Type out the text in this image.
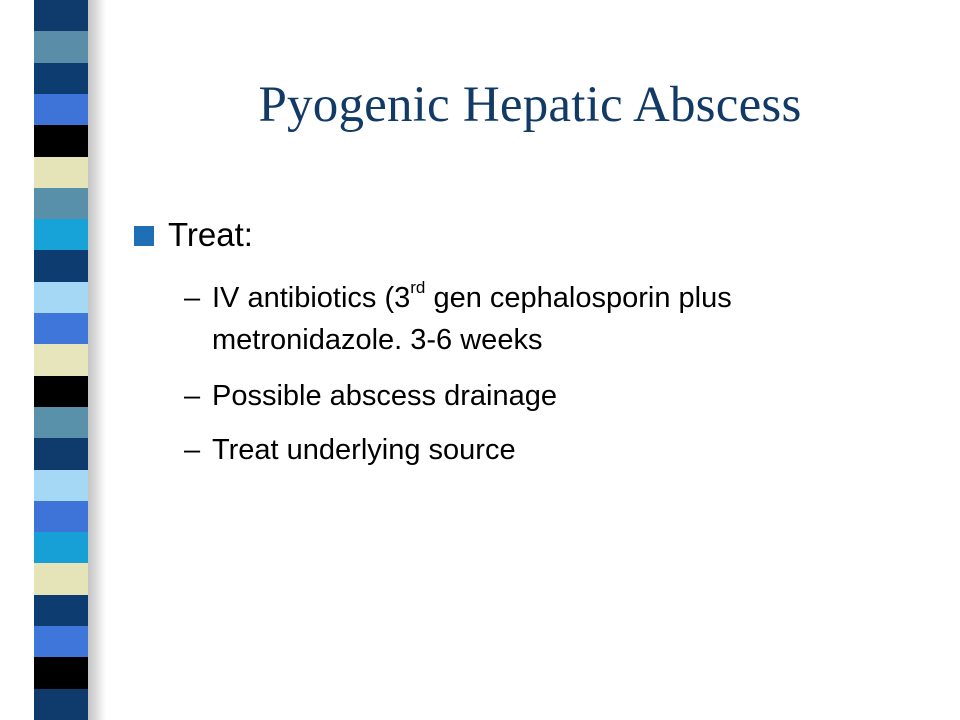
Pyogenic Hepatic Abscess
Treat:
– IV antibiotics (3rd gen cephalosporin plus
metronidazole. 3-6 weeks
– Possible abscess drainage
– Treat underlying source
